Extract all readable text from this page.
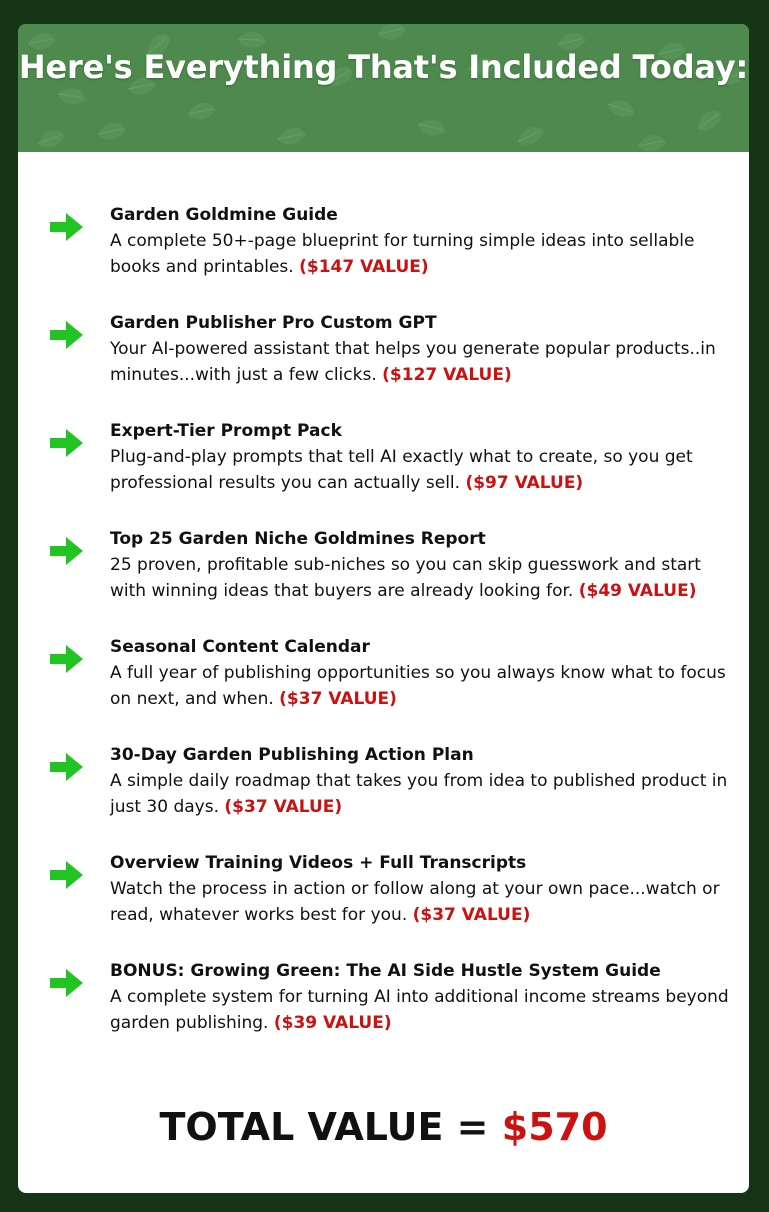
Here's Everything That's Included Today:
Garden Goldmine Guide
A complete 50+-page blueprint for turning simple ideas into sellable books and printables. ($147 VALUE)
Garden Publisher Pro Custom GPT
Your AI-powered assistant that helps you generate popular products..in minutes...with just a few clicks. ($127 VALUE)
Expert-Tier Prompt Pack
Plug-and-play prompts that tell AI exactly what to create, so you get professional results you can actually sell. ($97 VALUE)
Top 25 Garden Niche Goldmines Report
25 proven, profitable sub-niches so you can skip guesswork and start with winning ideas that buyers are already looking for. ($49 VALUE)
Seasonal Content Calendar
A full year of publishing opportunities so you always know what to focus on next, and when. ($37 VALUE)
30-Day Garden Publishing Action Plan
A simple daily roadmap that takes you from idea to published product in just 30 days. ($37 VALUE)
Overview Training Videos + Full Transcripts
Watch the process in action or follow along at your own pace...watch or read, whatever works best for you. ($37 VALUE)
BONUS: Growing Green: The AI Side Hustle System Guide
A complete system for turning AI into additional income streams beyond garden publishing. ($39 VALUE)
TOTAL VALUE = $570
